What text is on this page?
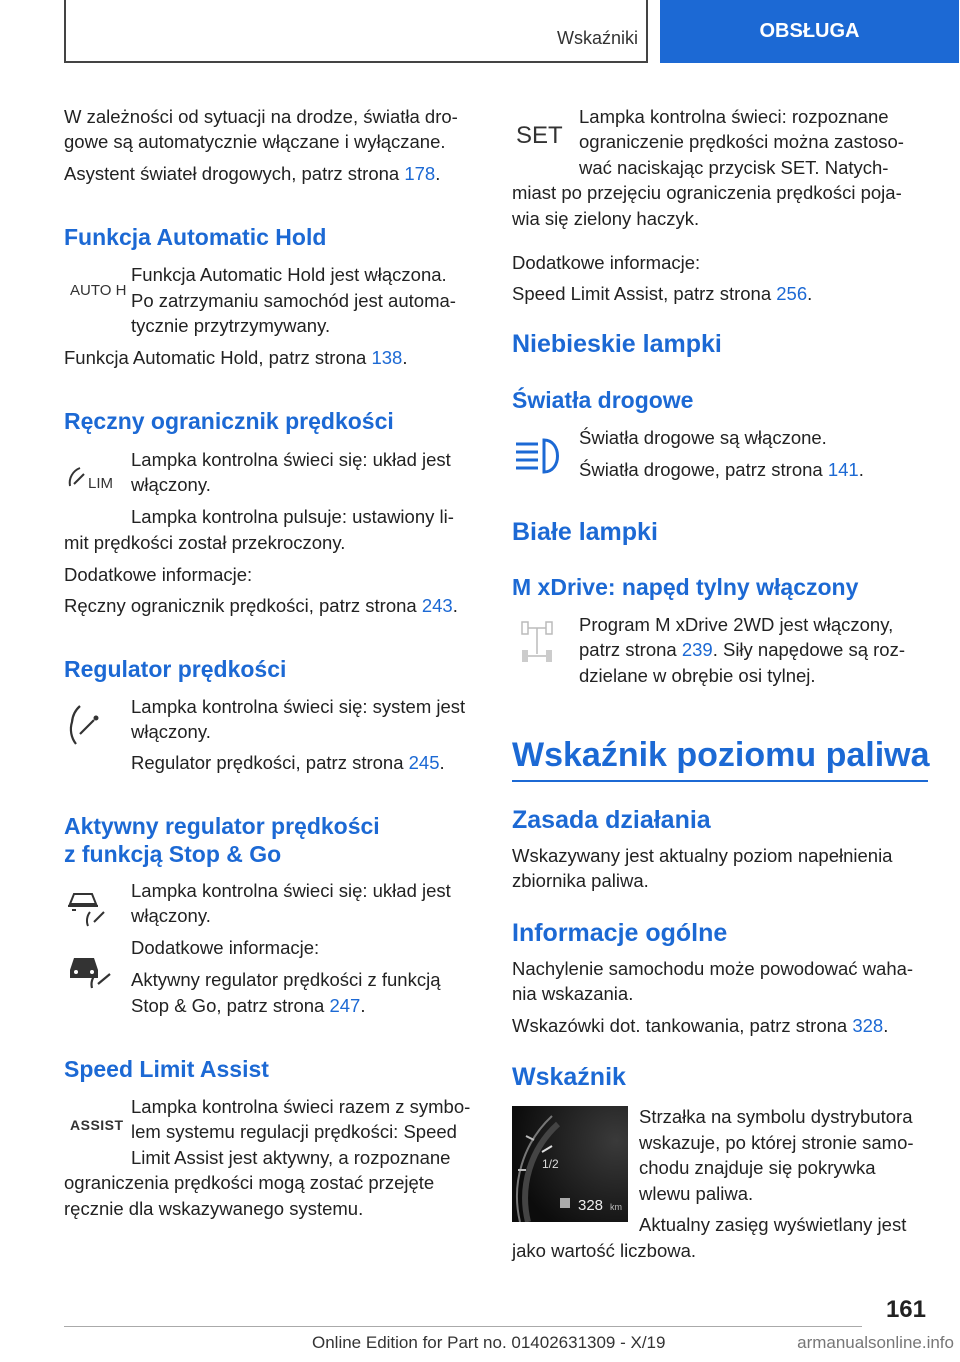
Wskaźniki	OBSŁUGA
W zależności od sytuacji na drodze, światła dro-
gowe są automatycznie włączane i wyłączane.
Asystent świateł drogowych, patrz strona 178.
Funkcja Automatic Hold
AUTO H
Funkcja Automatic Hold jest włączona.
Po zatrzymaniu samochód jest automa-
tycznie przytrzymywany.
Funkcja Automatic Hold, patrz strona 138.
Ręczny ogranicznik prędkości
LIM
Lampka kontrolna świeci się: układ jest
włączony.
Lampka kontrolna pulsuje: ustawiony li-
mit prędkości został przekroczony.
Dodatkowe informacje:
Ręczny ogranicznik prędkości, patrz strona 243.
Regulator prędkości
Lampka kontrolna świeci się: system jest
włączony.
Regulator prędkości, patrz strona 245.
Aktywny regulator prędkości
z funkcją Stop & Go
Lampka kontrolna świeci się: układ jest
włączony.
Dodatkowe informacje:
Aktywny regulator prędkości z funkcją
Stop & Go, patrz strona 247.
Speed Limit Assist
ASSIST
Lampka kontrolna świeci razem z symbo-
lem systemu regulacji prędkości: Speed
Limit Assist jest aktywny, a rozpoznane
ograniczenia prędkości mogą zostać przejęte
ręcznie dla wskazywanego systemu.
SET
Lampka kontrolna świeci: rozpoznane
ograniczenie prędkości można zastoso-
wać naciskając przycisk SET. Natych-
miast po przejęciu ograniczenia prędkości poja-
wia się zielony haczyk.
Dodatkowe informacje:
Speed Limit Assist, patrz strona 256.
Niebieskie lampki
Światła drogowe
Światła drogowe są włączone.
Światła drogowe, patrz strona 141.
Białe lampki
M xDrive: napęd tylny włączony
Program M xDrive 2WD jest włączony,
patrz strona 239. Siły napędowe są roz-
dzielane w obrębie osi tylnej.
Wskaźnik poziomu paliwa
Zasada działania
Wskazywany jest aktualny poziom napełnienia
zbiornika paliwa.
Informacje ogólne
Nachylenie samochodu może powodować waha-
nia wskazania.
Wskazówki dot. tankowania, patrz strona 328.
Wskaźnik
1/2
328 km
Strzałka na symbolu dystrybutora
wskazuje, po której stronie samo-
chodu znajduje się pokrywka
wlewu paliwa.
Aktualny zasięg wyświetlany jest
jako wartość liczbowa.
161
Online Edition for Part no. 01402631309 - X/19	armanualsonline.info
